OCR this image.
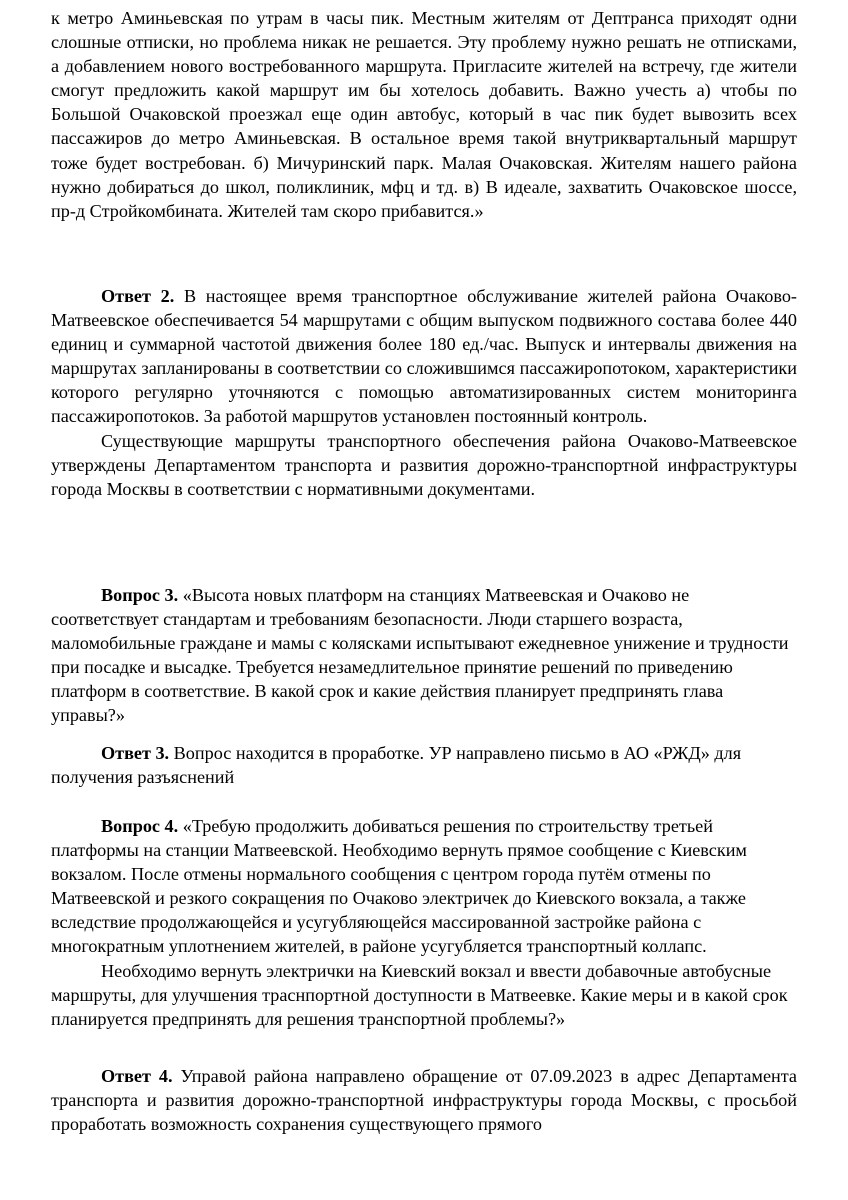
к метро Аминьевская по утрам в часы пик. Местным жителям от Дептранса приходят одни слошные отписки, но проблема никак не решается. Эту проблему нужно решать не отписками, а добавлением нового востребованного маршрута. Пригласите жителей на встречу, где жители смогут предложить какой маршрут им бы хотелось добавить. Важно учесть а) чтобы по Большой Очаковской проезжал еще один автобус, который в час пик будет вывозить всех пассажиров до метро Аминьевская. В остальное время такой внутриквартальный маршрут тоже будет востребован. б) Мичуринский парк. Малая Очаковская. Жителям нашего района нужно добираться до школ, поликлиник, мфц и тд. в) В идеале, захватить Очаковское шоссе, пр-д Стройкомбината. Жителей там скоро прибавится.»

Ответ 2. В настоящее время транспортное обслуживание жителей района Очаково-Матвеевское обеспечивается 54 маршрутами с общим выпуском подвижного состава более 440 единиц и суммарной частотой движения более 180 ед./час. Выпуск и интервалы движения на маршрутах запланированы в соответствии со сложившимся пассажиропотоком, характеристики которого регулярно уточняются с помощью автоматизированных систем мониторинга пассажиропотоков. За работой маршрутов установлен постоянный контроль.

Существующие маршруты транспортного обеспечения района Очаково-Матвеевское утверждены Департаментом транспорта и развития дорожно-транспортной инфраструктуры города Москвы в соответствии с нормативными документами.

Вопрос 3. «Высота новых платформ на станциях Матвеевская и Очаково не соответствует стандартам и требованиям безопасности. Люди старшего возраста, маломобильные граждане и мамы с колясками испытывают ежедневное унижение и трудности при посадке и высадке. Требуется незамедлительное принятие решений по приведению платформ в соответствие. В какой срок и какие действия планирует предпринять глава управы?»

Ответ 3. Вопрос находится в проработке. УР направлено письмо в АО «РЖД» для получения разъяснений

Вопрос 4. «Требую продолжить добиваться решения по строительству третьей платформы на станции Матвеевской. Необходимо вернуть прямое сообщение с Киевским вокзалом. После отмены нормального сообщения с центром города путём отмены по Матвеевской и резкого сокращения по Очаково электричек до Киевского вокзала, а также вследствие продолжающейся и усугубляющейся массированной застройке района с многократным уплотнением жителей, в районе усугубляется транспортный коллапс.

Необходимо вернуть электрички на Киевский вокзал и ввести добавочные автобусные маршруты, для улучшения траснпортной доступности в Матвеевке. Какие меры и в какой срок планируется предпринять для решения транспортной проблемы?»

Ответ 4. Управой района направлено обращение от 07.09.2023 в адрес Департамента транспорта и развития дорожно-транспортной инфраструктуры города Москвы, с просьбой проработать возможность сохранения существующего прямого
